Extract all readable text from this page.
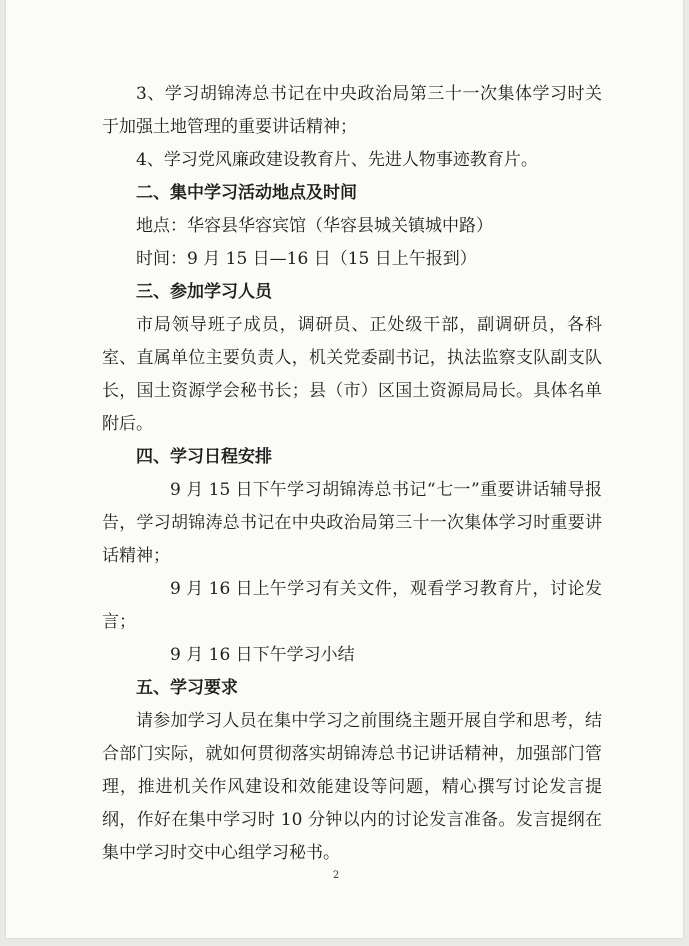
3、学习胡锦涛总书记在中央政治局第三十一次集体学习时关于加强土地管理的重要讲话精神；

4、学习党风廉政建设教育片、先进人物事迹教育片。

二、集中学习活动地点及时间

地点：华容县华容宾馆（华容县城关镇城中路）

时间：9 月 15 日—16 日（15 日上午报到）

三、参加学习人员

市局领导班子成员，调研员、正处级干部，副调研员，各科室、直属单位主要负责人，机关党委副书记，执法监察支队副支队长，国土资源学会秘书长；县（市）区国土资源局局长。具体名单附后。

四、学习日程安排

9 月 15 日下午学习胡锦涛总书记“七一”重要讲话辅导报告，学习胡锦涛总书记在中央政治局第三十一次集体学习时重要讲话精神；

9 月 16 日上午学习有关文件，观看学习教育片，讨论发言；

9 月 16 日下午学习小结

五、学习要求

请参加学习人员在集中学习之前围绕主题开展自学和思考，结合部门实际，就如何贯彻落实胡锦涛总书记讲话精神，加强部门管理，推进机关作风建设和效能建设等问题，精心撰写讨论发言提纲，作好在集中学习时 10 分钟以内的讨论发言准备。发言提纲在集中学习时交中心组学习秘书。

2
